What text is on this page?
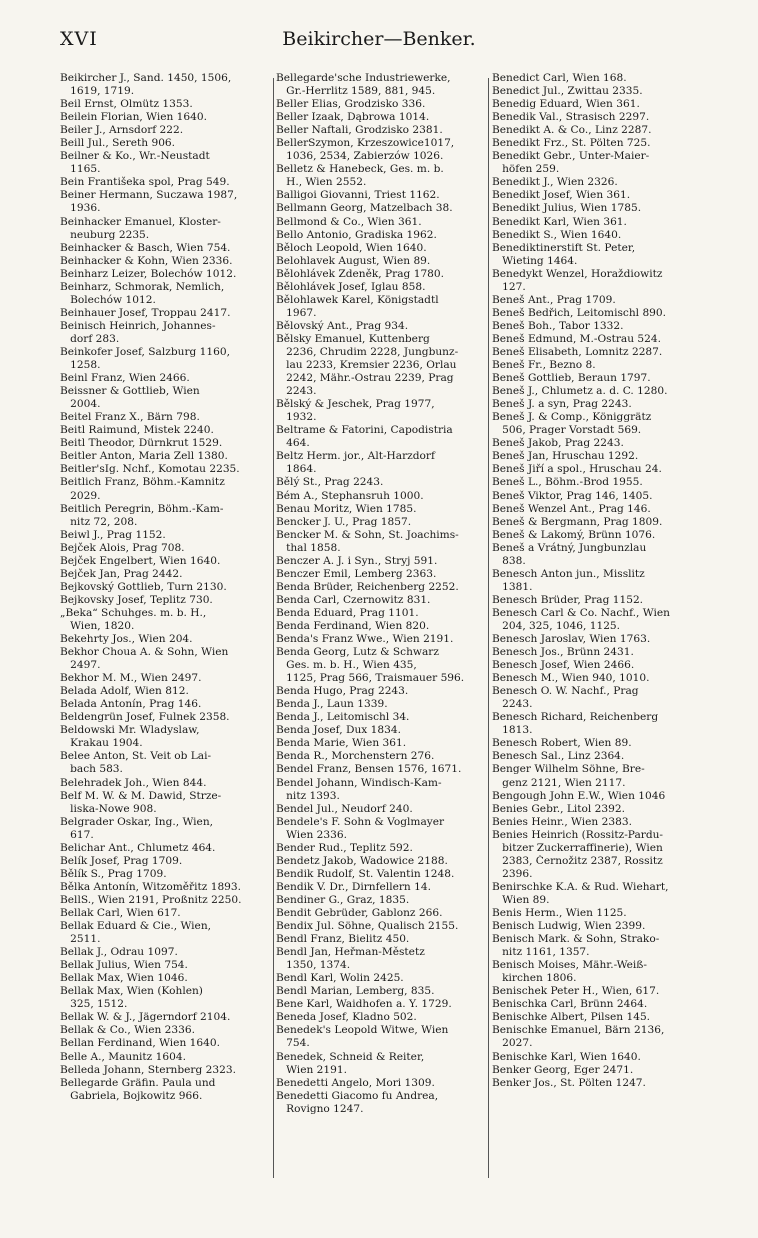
XVI	Beikircher—Benker.
Beikircher J., Sand. 1450, 1506,
1619, 1719.
Beil Ernst, Olmütz 1353.
Beilein Florian, Wien 1640.
Beiler J., Arnsdorf 222.
Beill Jul., Sereth 906.
Beilner & Ko., Wr.-Neustadt
1165.
Bein Františeka spol, Prag 549.
Beiner Hermann, Suczawa 1987,
1936.
Beinhacker Emanuel, Kloster-
neuburg 2235.
Beinhacker & Basch, Wien 754.
Beinhacker & Kohn, Wien 2336.
Beinharz Leizer, Bolechów 1012.
Beinharz, Schmorak, Nemlich,
Bolechów 1012.
Beinhauer Josef, Troppau 2417.
Beinisch Heinrich, Johannes-
dorf 283.
Beinkofer Josef, Salzburg 1160,
1258.
Beinl Franz, Wien 2466.
Beissner & Gottlieb, Wien
2004.
Beitel Franz X., Bärn 798.
Beitl Raimund, Mistek 2240.
Beitl Theodor, Dürnkrut 1529.
Beitler Anton, Maria Zell 1380.
Beitler'sIg. Nchf., Komotau 2235.
Beitlich Franz, Böhm.-Kamnitz
2029.
Beitlich Peregrin, Böhm.-Kam-
nitz 72, 208.
Beiwl J., Prag 1152.
Bejček Alois, Prag 708.
Bejček Engelbert, Wien 1640.
Bejček Jan, Prag 2442.
Bejkovský Gottlieb, Turn 2130.
Bejkovsky Josef, Teplitz 730.
„Beka“ Schuhges. m. b. H.,
Wien, 1820.
Bekehrty Jos., Wien 204.
Bekhor Choua A. & Sohn, Wien
2497.
Bekhor M. M., Wien 2497.
Belada Adolf, Wien 812.
Belada Antonín, Prag 146.
Beldengrün Josef, Fulnek 2358.
Beldowski Mr. Wladyslaw,
Krakau 1904.
Belee Anton, St. Veit ob Lai-
bach 583.
Belehradek Joh., Wien 844.
Belf M. W. & M. Dawid, Strze-
liska-Nowe 908.
Belgrader Oskar, Ing., Wien,
617.
Belichar Ant., Chlumetz 464.
Belík Josef, Prag 1709.
Bělík S., Prag 1709.
Bělka Antonín, Witzoměřitz 1893.
BellS., Wien 2191, Proßnitz 2250.
Bellak Carl, Wien 617.
Bellak Eduard & Cie., Wien,
2511.
Bellak J., Odrau 1097.
Bellak Julius, Wien 754.
Bellak Max, Wien 1046.
Bellak Max, Wien (Kohlen)
325, 1512.
Bellak W. & J., Jägerndorf 2104.
Bellak & Co., Wien 2336.
Bellan Ferdinand, Wien 1640.
Belle A., Maunitz 1604.
Belleda Johann, Sternberg 2323.
Bellegarde Gräfin. Paula und
Gabriela, Bojkowitz 966.
Bellegarde'sche Industriewerke,
Gr.-Herrlitz 1589, 881, 945.
Beller Elias, Grodzisko 336.
Beller Izaak, Dąbrowa 1014.
Beller Naftali, Grodzisko 2381.
BellerSzymon, Krzeszowice1017,
1036, 2534, Zabierzów 1026.
Belletz & Hanebeck, Ges. m. b.
H., Wien 2552.
Balligoi Giovanni, Triest 1162.
Bellmann Georg, Matzelbach 38.
Bellmond & Co., Wien 361.
Bello Antonio, Gradiska 1962.
Běloch Leopold, Wien 1640.
Belohlavek August, Wien 89.
Bělohlávek Zdeněk, Prag 1780.
Bělohlávek Josef, Iglau 858.
Bělohlawek Karel, Königstadtl
1967.
Bělovský Ant., Prag 934.
Bělsky Emanuel, Kuttenberg
2236, Chrudim 2228, Jungbunz-
lau 2233, Kremsier 2236, Orlau
2242, Mähr.-Ostrau 2239, Prag
2243.
Bělský & Jeschek, Prag 1977,
1932.
Beltrame & Fatorini, Capodistria
464.
Beltz Herm. jor., Alt-Harzdorf
1864.
Bělý St., Prag 2243.
Bém A., Stephansruh 1000.
Benau Moritz, Wien 1785.
Bencker J. U., Prag 1857.
Bencker M. & Sohn, St. Joachims-
thal 1858.
Benczer A. J. i Syn., Stryj 591.
Benczer Emil, Lemberg 2363.
Benda Brüder, Reichenberg 2252.
Benda Carl, Czernowitz 831.
Benda Eduard, Prag 1101.
Benda Ferdinand, Wien 820.
Benda's Franz Wwe., Wien 2191.
Benda Georg, Lutz & Schwarz
Ges. m. b. H., Wien 435,
1125, Prag 566, Traismauer 596.
Benda Hugo, Prag 2243.
Benda J., Laun 1339.
Benda J., Leitomischl 34.
Benda Josef, Dux 1834.
Benda Marie, Wien 361.
Benda R., Morchenstern 276.
Bendel Franz, Bensen 1576, 1671.
Bendel Johann, Windisch-Kam-
nitz 1393.
Bendel Jul., Neudorf 240.
Bendele's F. Sohn & Voglmayer
Wien 2336.
Bender Rud., Teplitz 592.
Bendetz Jakob, Wadowice 2188.
Bendik Rudolf, St. Valentin 1248.
Bendik V. Dr., Dirnfellern 14.
Bendiner G., Graz, 1835.
Bendit Gebrüder, Gablonz 266.
Bendix Jul. Söhne, Qualisch 2155.
Bendl Franz, Bielitz 450.
Bendl Jan, Heřman-Městetz
1350, 1374.
Bendl Karl, Wolin 2425.
Bendl Marian, Lemberg, 835.
Bene Karl, Waidhofen a. Y. 1729.
Beneda Josef, Kladno 502.
Benedek's Leopold Witwe, Wien
754.
Benedek, Schneid & Reiter,
Wien 2191.
Benedetti Angelo, Mori 1309.
Benedetti Giacomo fu Andrea,
Rovigno 1247.
Benedict Carl, Wien 168.
Benedict Jul., Zwittau 2335.
Benedig Eduard, Wien 361.
Benedik Val., Strasisch 2297.
Benedikt A. & Co., Linz 2287.
Benedikt Frz., St. Pölten 725.
Benedikt Gebr., Unter-Maier-
höfen 259.
Benedikt J., Wien 2326.
Benedikt Josef, Wien 361.
Benedikt Julius, Wien 1785.
Benedikt Karl, Wien 361.
Benedikt S., Wien 1640.
Benediktinerstift St. Peter,
Wieting 1464.
Benedykt Wenzel, Horaždiowitz
127.
Beneš Ant., Prag 1709.
Beneš Bedřich, Leitomischl 890.
Beneš Boh., Tabor 1332.
Beneš Edmund, M.-Ostrau 524.
Beneš Elisabeth, Lomnitz 2287.
Beneš Fr., Bezno 8.
Beneš Gottlieb, Beraun 1797.
Beneš J., Chlumetz a. d. C. 1280.
Beneš J. a syn, Prag 2243.
Beneš J. & Comp., Königgrätz
506, Prager Vorstadt 569.
Beneš Jakob, Prag 2243.
Beneš Jan, Hruschau 1292.
Beneš Jiří a spol., Hruschau 24.
Beneš L., Böhm.-Brod 1955.
Beneš Viktor, Prag 146, 1405.
Beneš Wenzel Ant., Prag 146.
Beneš & Bergmann, Prag 1809.
Beneš & Lakomý, Brünn 1076.
Beneš a Vrátný, Jungbunzlau
838.
Benesch Anton jun., Misslitz
1381.
Benesch Brüder, Prag 1152.
Benesch Carl & Co. Nachf., Wien
204, 325, 1046, 1125.
Benesch Jaroslav, Wien 1763.
Benesch Jos., Brünn 2431.
Benesch Josef, Wien 2466.
Benesch M., Wien 940, 1010.
Benesch O. W. Nachf., Prag
2243.
Benesch Richard, Reichenberg
1813.
Benesch Robert, Wien 89.
Benesch Sal., Linz 2364.
Benger Wilhelm Söhne, Bre-
genz 2121, Wien 2117.
Bengough John E.W., Wien 1046
Benies Gebr., Litol 2392.
Benies Heinr., Wien 2383.
Benies Heinrich (Rossitz-Pardu-
bitzer Zuckerraffinerie), Wien
2383, Černožitz 2387, Rossitz
2396.
Benirschke K.A. & Rud. Wiehart,
Wien 89.
Benis Herm., Wien 1125.
Benisch Ludwig, Wien 2399.
Benisch Mark. & Sohn, Strako-
nitz 1161, 1357.
Benisch Moises, Mähr.-Weiß-
kirchen 1806.
Benischek Peter H., Wien, 617.
Benischka Carl, Brünn 2464.
Benischke Albert, Pilsen 145.
Benischke Emanuel, Bärn 2136,
2027.
Benischke Karl, Wien 1640.
Benker Georg, Eger 2471.
Benker Jos., St. Pölten 1247.
